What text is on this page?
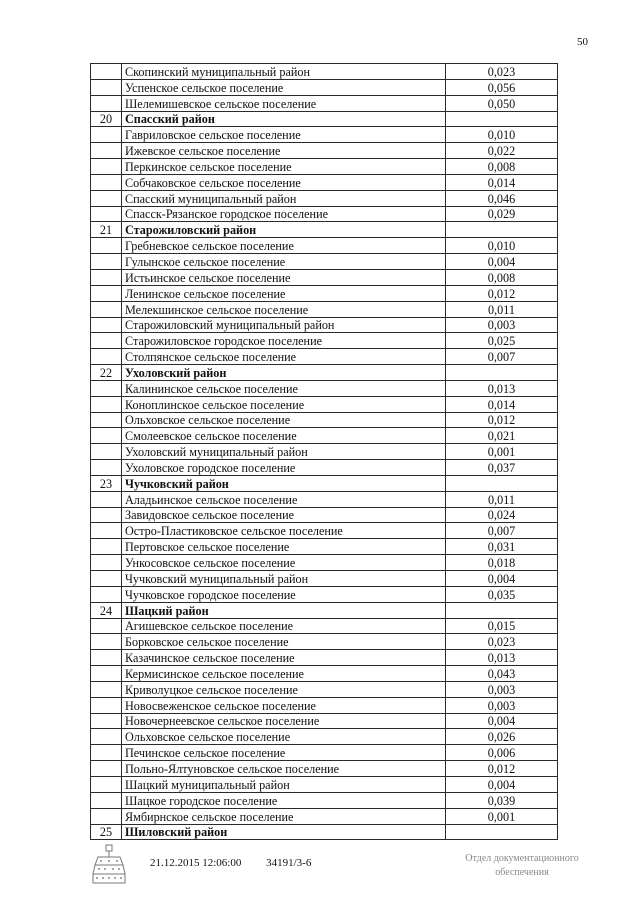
50
	Скопинский муниципальный район	0,023
	Успенское сельское поселение	0,056
	Шелемишевское сельское поселение	0,050
20	Спасский район	
	Гавриловское сельское поселение	0,010
	Ижевское сельское поселение	0,022
	Перкинское сельское поселение	0,008
	Собчаковское сельское поселение	0,014
	Спасский муниципальный район	0,046
	Спасск-Рязанское городское поселение	0,029
21	Старожиловский район	
	Гребневское сельское поселение	0,010
	Гулынское сельское поселение	0,004
	Истьинское сельское поселение	0,008
	Ленинское сельское поселение	0,012
	Мелекшинское сельское поселение	0,011
	Старожиловский муниципальный район	0,003
	Старожиловское городское поселение	0,025
	Столпянское сельское поселение	0,007
22	Ухоловский район	
	Калининское сельское поселение	0,013
	Коноплинское сельское поселение	0,014
	Ольховское сельское поселение	0,012
	Смолеевское сельское поселение	0,021
	Ухоловский муниципальный район	0,001
	Ухоловское городское поселение	0,037
23	Чучковский район	
	Аладьинское сельское поселение	0,011
	Завидовское сельское поселение	0,024
	Остро-Пластиковское сельское поселение	0,007
	Пертовское сельское поселение	0,031
	Ункосовское сельское поселение	0,018
	Чучковский муниципальный район	0,004
	Чучковское городское поселение	0,035
24	Шацкий район	
	Агишевское сельское поселение	0,015
	Борковское сельское поселение	0,023
	Казачинское сельское поселение	0,013
	Кермисинское сельское поселение	0,043
	Криволуцкое сельское поселение	0,003
	Новосвеженское сельское поселение	0,003
	Новочернеевское сельское поселение	0,004
	Ольховское сельское поселение	0,026
	Печинское сельское поселение	0,006
	Польно-Ялтуновское сельское поселение	0,012
	Шацкий муниципальный район	0,004
	Шацкое городское поселение	0,039
	Ямбирнское сельское поселение	0,001
25	Шиловский район	
21.12.2015 12:06:00 34191/3-6	Отдел документационного
обеспечения
